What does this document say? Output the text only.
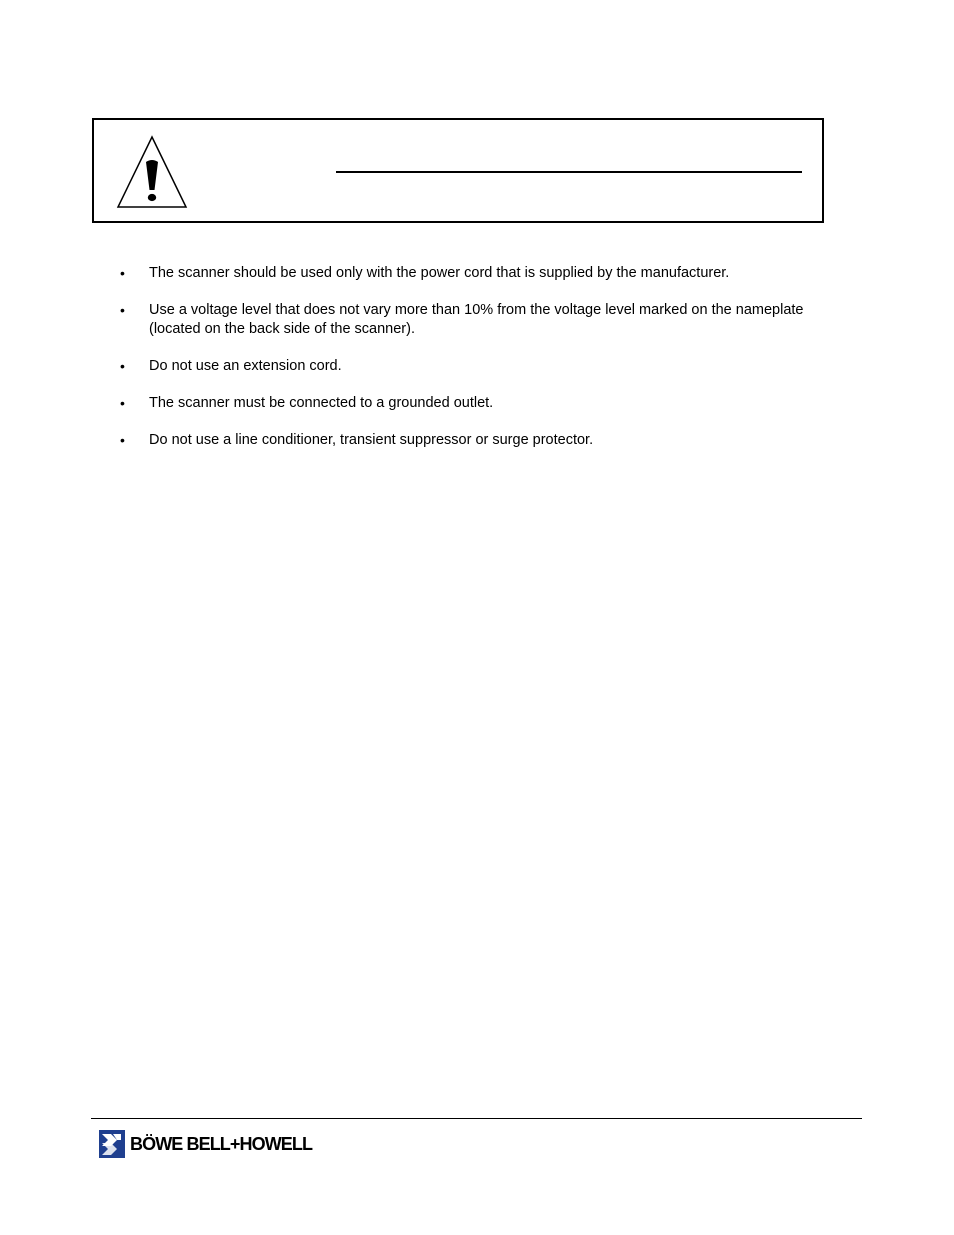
• The scanner should be used only with the power cord that is supplied by the manufacturer.
• Use a voltage level that does not vary more than 10% from the voltage level marked on the nameplate (located on the back side of the scanner).
• Do not use an extension cord.
• The scanner must be connected to a grounded outlet.
• Do not use a line conditioner, transient suppressor or surge protector.
BÖWE BELL+HOWELL
